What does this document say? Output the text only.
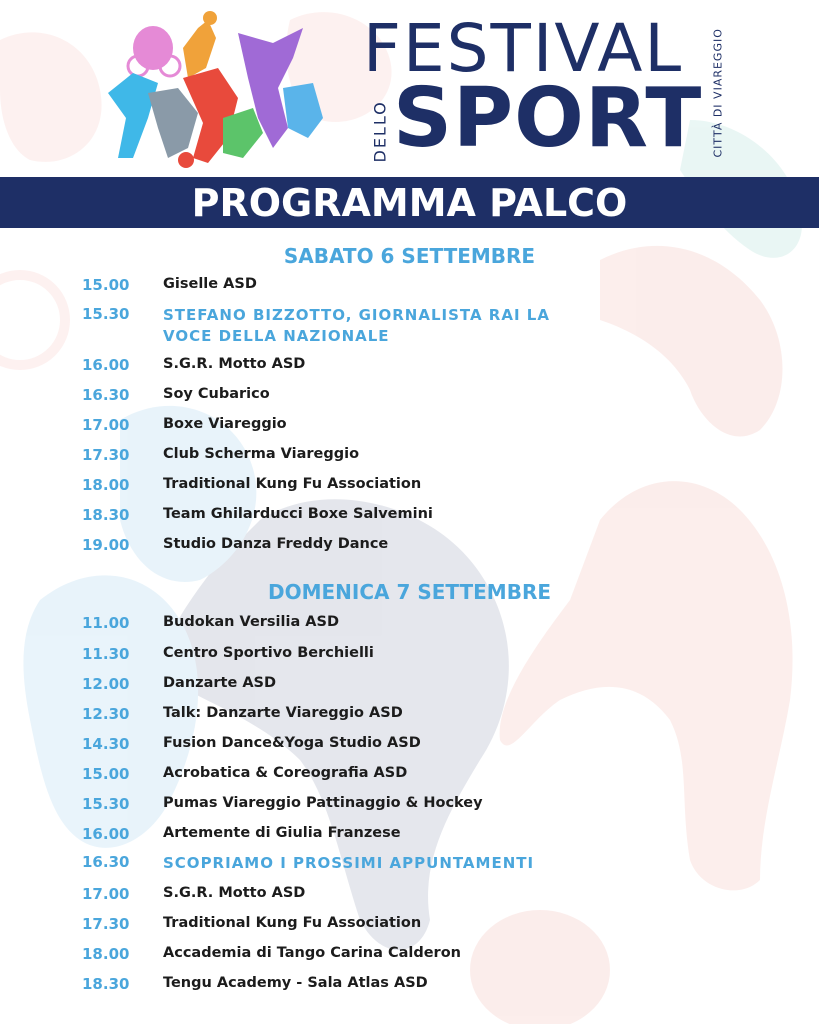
FESTIVAL
DELLO SPORT CITTÀ DI VIAREGGIO
PROGRAMMA PALCO
SABATO 6 SETTEMBRE
15.00 Giselle ASD
15.30 STEFANO BIZZOTTO, GIORNALISTA RAI LA VOCE DELLA NAZIONALE
16.00 S.G.R. Motto ASD
16.30 Soy Cubarico
17.00 Boxe Viareggio
17.30 Club Scherma Viareggio
18.00 Traditional Kung Fu Association
18.30 Team Ghilarducci Boxe Salvemini
19.00 Studio Danza Freddy Dance
DOMENICA 7 SETTEMBRE
11.00 Budokan Versilia ASD
11.30 Centro Sportivo Berchielli
12.00 Danzarte ASD
12.30 Talk: Danzarte Viareggio ASD
14.30 Fusion Dance&Yoga Studio ASD
15.00 Acrobatica & Coreografia ASD
15.30 Pumas Viareggio Pattinaggio & Hockey
16.00 Artemente di Giulia Franzese
16.30 SCOPRIAMO I PROSSIMI APPUNTAMENTI
17.00 S.G.R. Motto ASD
17.30 Traditional Kung Fu Association
18.00 Accademia di Tango Carina Calderon
18.30 Tengu Academy - Sala Atlas ASD
